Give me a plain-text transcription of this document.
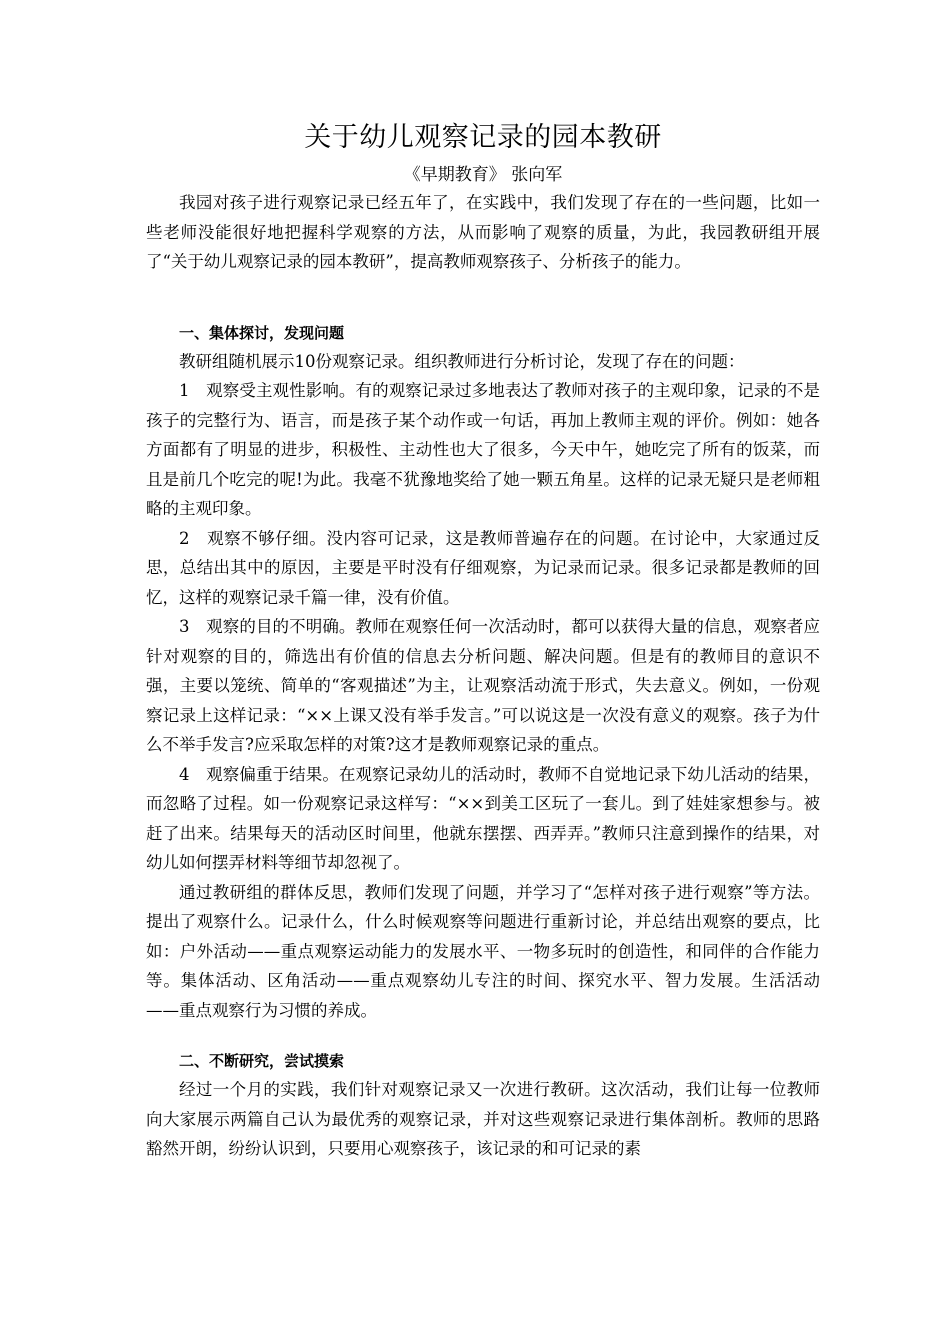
关于幼儿观察记录的园本教研
《早期教育》 张向军

我园对孩子进行观察记录已经五年了，在实践中，我们发现了存在的一些问题，比如一些老师没能很好地把握科学观察的方法，从而影响了观察的质量，为此，我园教研组开展了“关于幼儿观察记录的园本教研”，提高教师观察孩子、分析孩子的能力。

一、集体探讨，发现问题

教研组随机展示10份观察记录。组织教师进行分析讨论，发现了存在的问题：

1　观察受主观性影响。有的观察记录过多地表达了教师对孩子的主观印象，记录的不是孩子的完整行为、语言，而是孩子某个动作或一句话，再加上教师主观的评价。例如：她各方面都有了明显的进步，积极性、主动性也大了很多，今天中午，她吃完了所有的饭菜，而且是前几个吃完的呢!为此。我毫不犹豫地奖给了她一颗五角星。这样的记录无疑只是老师粗略的主观印象。

2　观察不够仔细。没内容可记录，这是教师普遍存在的问题。在讨论中，大家通过反思，总结出其中的原因，主要是平时没有仔细观察，为记录而记录。很多记录都是教师的回忆，这样的观察记录千篇一律，没有价值。

3　观察的目的不明确。教师在观察任何一次活动时，都可以获得大量的信息，观察者应针对观察的目的，筛选出有价值的信息去分析问题、解决问题。但是有的教师目的意识不强，主要以笼统、简单的“客观描述”为主，让观察活动流于形式，失去意义。例如，一份观察记录上这样记录：“××上课又没有举手发言。”可以说这是一次没有意义的观察。孩子为什么不举手发言?应采取怎样的对策?这才是教师观察记录的重点。

4　观察偏重于结果。在观察记录幼儿的活动时，教师不自觉地记录下幼儿活动的结果，而忽略了过程。如一份观察记录这样写：“××到美工区玩了一套儿。到了娃娃家想参与。被赶了出来。结果每天的活动区时间里，他就东摆摆、西弄弄。”教师只注意到操作的结果，对幼儿如何摆弄材料等细节却忽视了。

通过教研组的群体反思，教师们发现了问题，并学习了“怎样对孩子进行观察”等方法。提出了观察什么。记录什么，什么时候观察等问题进行重新讨论，并总结出观察的要点，比如：户外活动——重点观察运动能力的发展水平、一物多玩时的创造性，和同伴的合作能力等。集体活动、区角活动——重点观察幼儿专注的时间、探究水平、智力发展。生活活动——重点观察行为习惯的养成。

二、不断研究，尝试摸索

经过一个月的实践，我们针对观察记录又一次进行教研。这次活动，我们让每一位教师向大家展示两篇自己认为最优秀的观察记录，并对这些观察记录进行集体剖析。教师的思路豁然开朗，纷纷认识到，只要用心观察孩子，该记录的和可记录的素
